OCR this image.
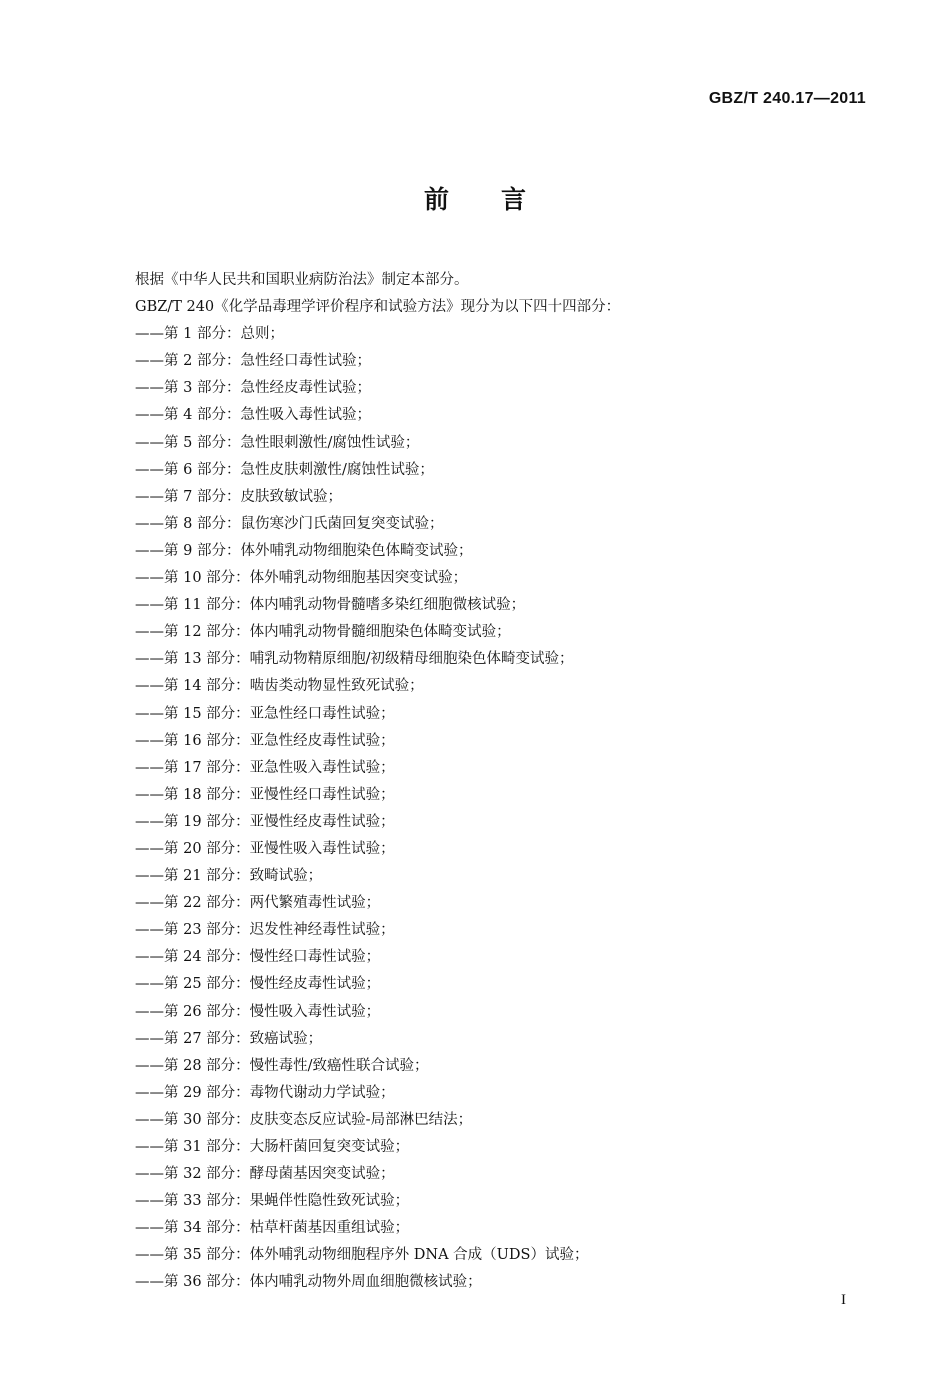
GBZ/T 240.17—2011
前言
根据《中华人民共和国职业病防治法》制定本部分。
GBZ/T 240《化学品毒理学评价程序和试验方法》现分为以下四十四部分：
——第 1 部分：总则；
——第 2 部分：急性经口毒性试验；
——第 3 部分：急性经皮毒性试验；
——第 4 部分：急性吸入毒性试验；
——第 5 部分：急性眼刺激性/腐蚀性试验；
——第 6 部分：急性皮肤刺激性/腐蚀性试验；
——第 7 部分：皮肤致敏试验；
——第 8 部分：鼠伤寒沙门氏菌回复突变试验；
——第 9 部分：体外哺乳动物细胞染色体畸变试验；
——第 10 部分：体外哺乳动物细胞基因突变试验；
——第 11 部分：体内哺乳动物骨髓嗜多染红细胞微核试验；
——第 12 部分：体内哺乳动物骨髓细胞染色体畸变试验；
——第 13 部分：哺乳动物精原细胞/初级精母细胞染色体畸变试验；
——第 14 部分：啮齿类动物显性致死试验；
——第 15 部分：亚急性经口毒性试验；
——第 16 部分：亚急性经皮毒性试验；
——第 17 部分：亚急性吸入毒性试验；
——第 18 部分：亚慢性经口毒性试验；
——第 19 部分：亚慢性经皮毒性试验；
——第 20 部分：亚慢性吸入毒性试验；
——第 21 部分：致畸试验；
——第 22 部分：两代繁殖毒性试验；
——第 23 部分：迟发性神经毒性试验；
——第 24 部分：慢性经口毒性试验；
——第 25 部分：慢性经皮毒性试验；
——第 26 部分：慢性吸入毒性试验；
——第 27 部分：致癌试验；
——第 28 部分：慢性毒性/致癌性联合试验；
——第 29 部分：毒物代谢动力学试验；
——第 30 部分：皮肤变态反应试验-局部淋巴结法；
——第 31 部分：大肠杆菌回复突变试验；
——第 32 部分：酵母菌基因突变试验；
——第 33 部分：果蝇伴性隐性致死试验；
——第 34 部分：枯草杆菌基因重组试验；
——第 35 部分：体外哺乳动物细胞程序外 DNA 合成（UDS）试验；
——第 36 部分：体内哺乳动物外周血细胞微核试验；
I
